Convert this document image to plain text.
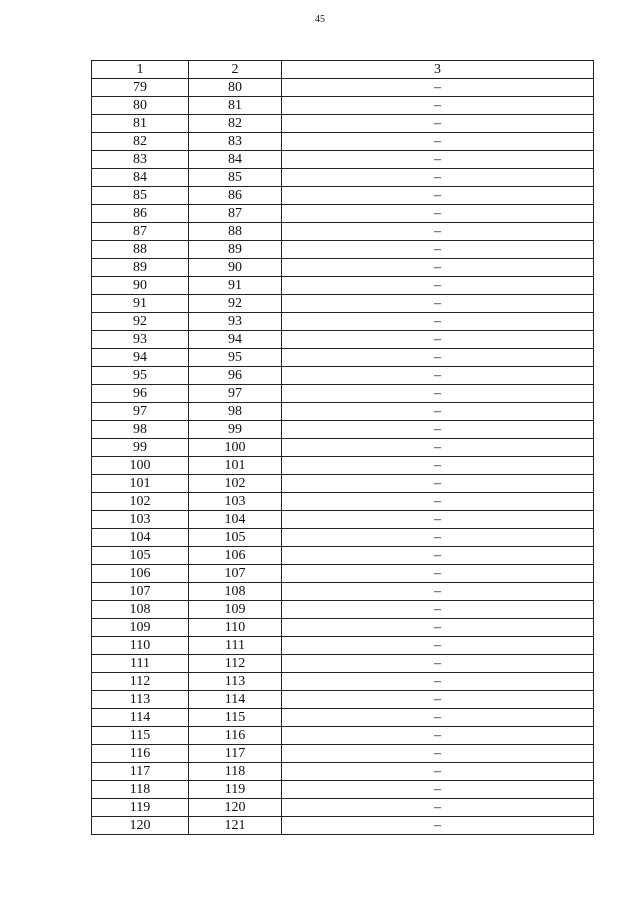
45
1	2	3
79	80	–
80	81	–
81	82	–
82	83	–
83	84	–
84	85	–
85	86	–
86	87	–
87	88	–
88	89	–
89	90	–
90	91	–
91	92	–
92	93	–
93	94	–
94	95	–
95	96	–
96	97	–
97	98	–
98	99	–
99	100	–
100	101	–
101	102	–
102	103	–
103	104	–
104	105	–
105	106	–
106	107	–
107	108	–
108	109	–
109	110	–
110	111	–
111	112	–
112	113	–
113	114	–
114	115	–
115	116	–
116	117	–
117	118	–
118	119	–
119	120	–
120	121	–
